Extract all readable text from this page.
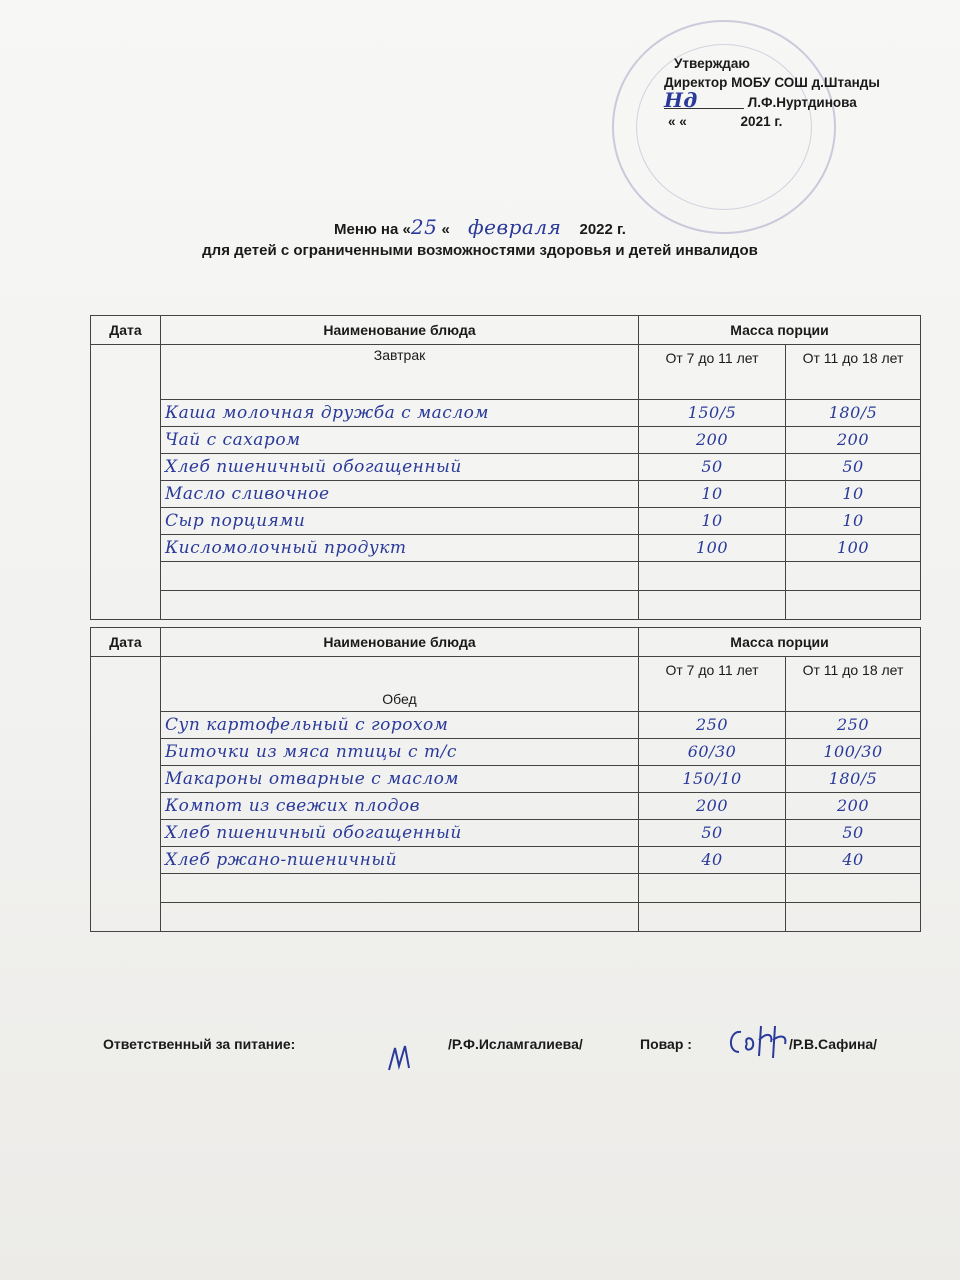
Утверждаю
Директор МОБУ СОШ д.Штанды
Нд	Л.Ф.Нуртдинова
« «	2021 г.
Меню на «25 « февраля 2022 г.
для детей с ограниченными возможностями здоровья и детей инвалидов
Дата	Наименование блюда	Масса порции	
	Завтрак	От 7 до 11 лет	От 11 до 18 лет
	Каша молочная дружба с маслом	150/5	180/5
	Чай с сахаром	200	200
	Хлеб пшеничный обогащенный	50	50
	Масло сливочное	10	10
	Сыр порциями	10	10
	Кисломолочный продукт	100	100

Дата	Наименование блюда	Масса порции	
	Обед	От 7 до 11 лет	От 11 до 18 лет
	Суп картофельный с горохом	250	250
	Биточки из мяса птицы с т/с	60/30	100/30
	Макароны отварные с маслом	150/10	180/5
	Компот из свежих плодов	200	200
	Хлеб пшеничный обогащенный	50	50
	Хлеб ржано-пшеничный	40	40

Ответственный за питание:	/Р.Ф.Исламгалиева/	Повар :	/Р.В.Сафина/
